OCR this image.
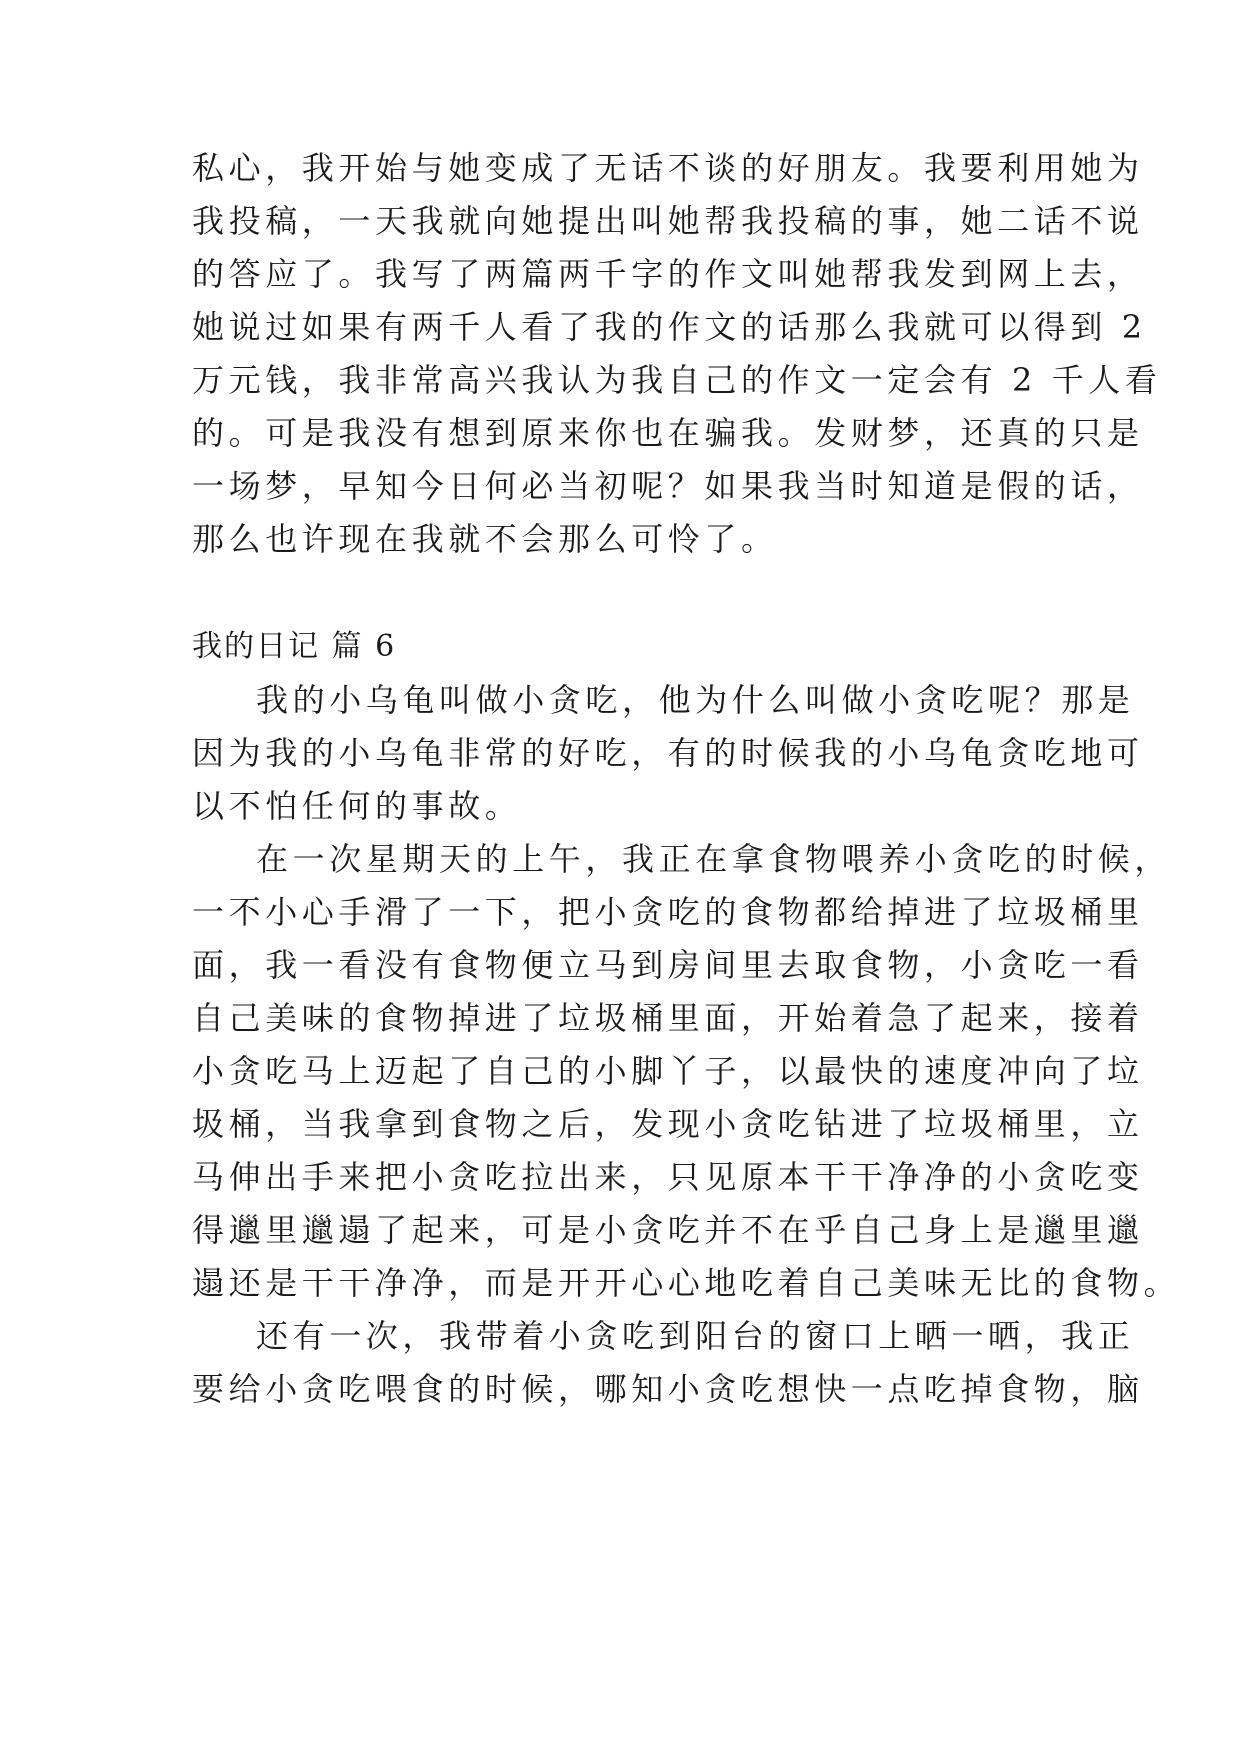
私心，我开始与她变成了无话不谈的好朋友。我要利用她为
我投稿，一天我就向她提出叫她帮我投稿的事，她二话不说
的答应了。我写了两篇两千字的作文叫她帮我发到网上去，
她说过如果有两千人看了我的作文的话那么我就可以得到 2
万元钱，我非常高兴我认为我自己的作文一定会有 2 千人看
的。可是我没有想到原来你也在骗我。发财梦，还真的只是
一场梦，早知今日何必当初呢？如果我当时知道是假的话，
那么也许现在我就不会那么可怜了。
我的日记 篇 6
我的小乌龟叫做小贪吃，他为什么叫做小贪吃呢？那是
因为我的小乌龟非常的好吃，有的时候我的小乌龟贪吃地可
以不怕任何的事故。
在一次星期天的上午，我正在拿食物喂养小贪吃的时候，
一不小心手滑了一下，把小贪吃的食物都给掉进了垃圾桶里
面，我一看没有食物便立马到房间里去取食物，小贪吃一看
自己美味的食物掉进了垃圾桶里面，开始着急了起来，接着
小贪吃马上迈起了自己的小脚丫子，以最快的速度冲向了垃
圾桶，当我拿到食物之后，发现小贪吃钻进了垃圾桶里，立
马伸出手来把小贪吃拉出来，只见原本干干净净的小贪吃变
得邋里邋遢了起来，可是小贪吃并不在乎自己身上是邋里邋
遢还是干干净净，而是开开心心地吃着自己美味无比的食物。
还有一次，我带着小贪吃到阳台的窗口上晒一晒，我正
要给小贪吃喂食的时候，哪知小贪吃想快一点吃掉食物，脑
